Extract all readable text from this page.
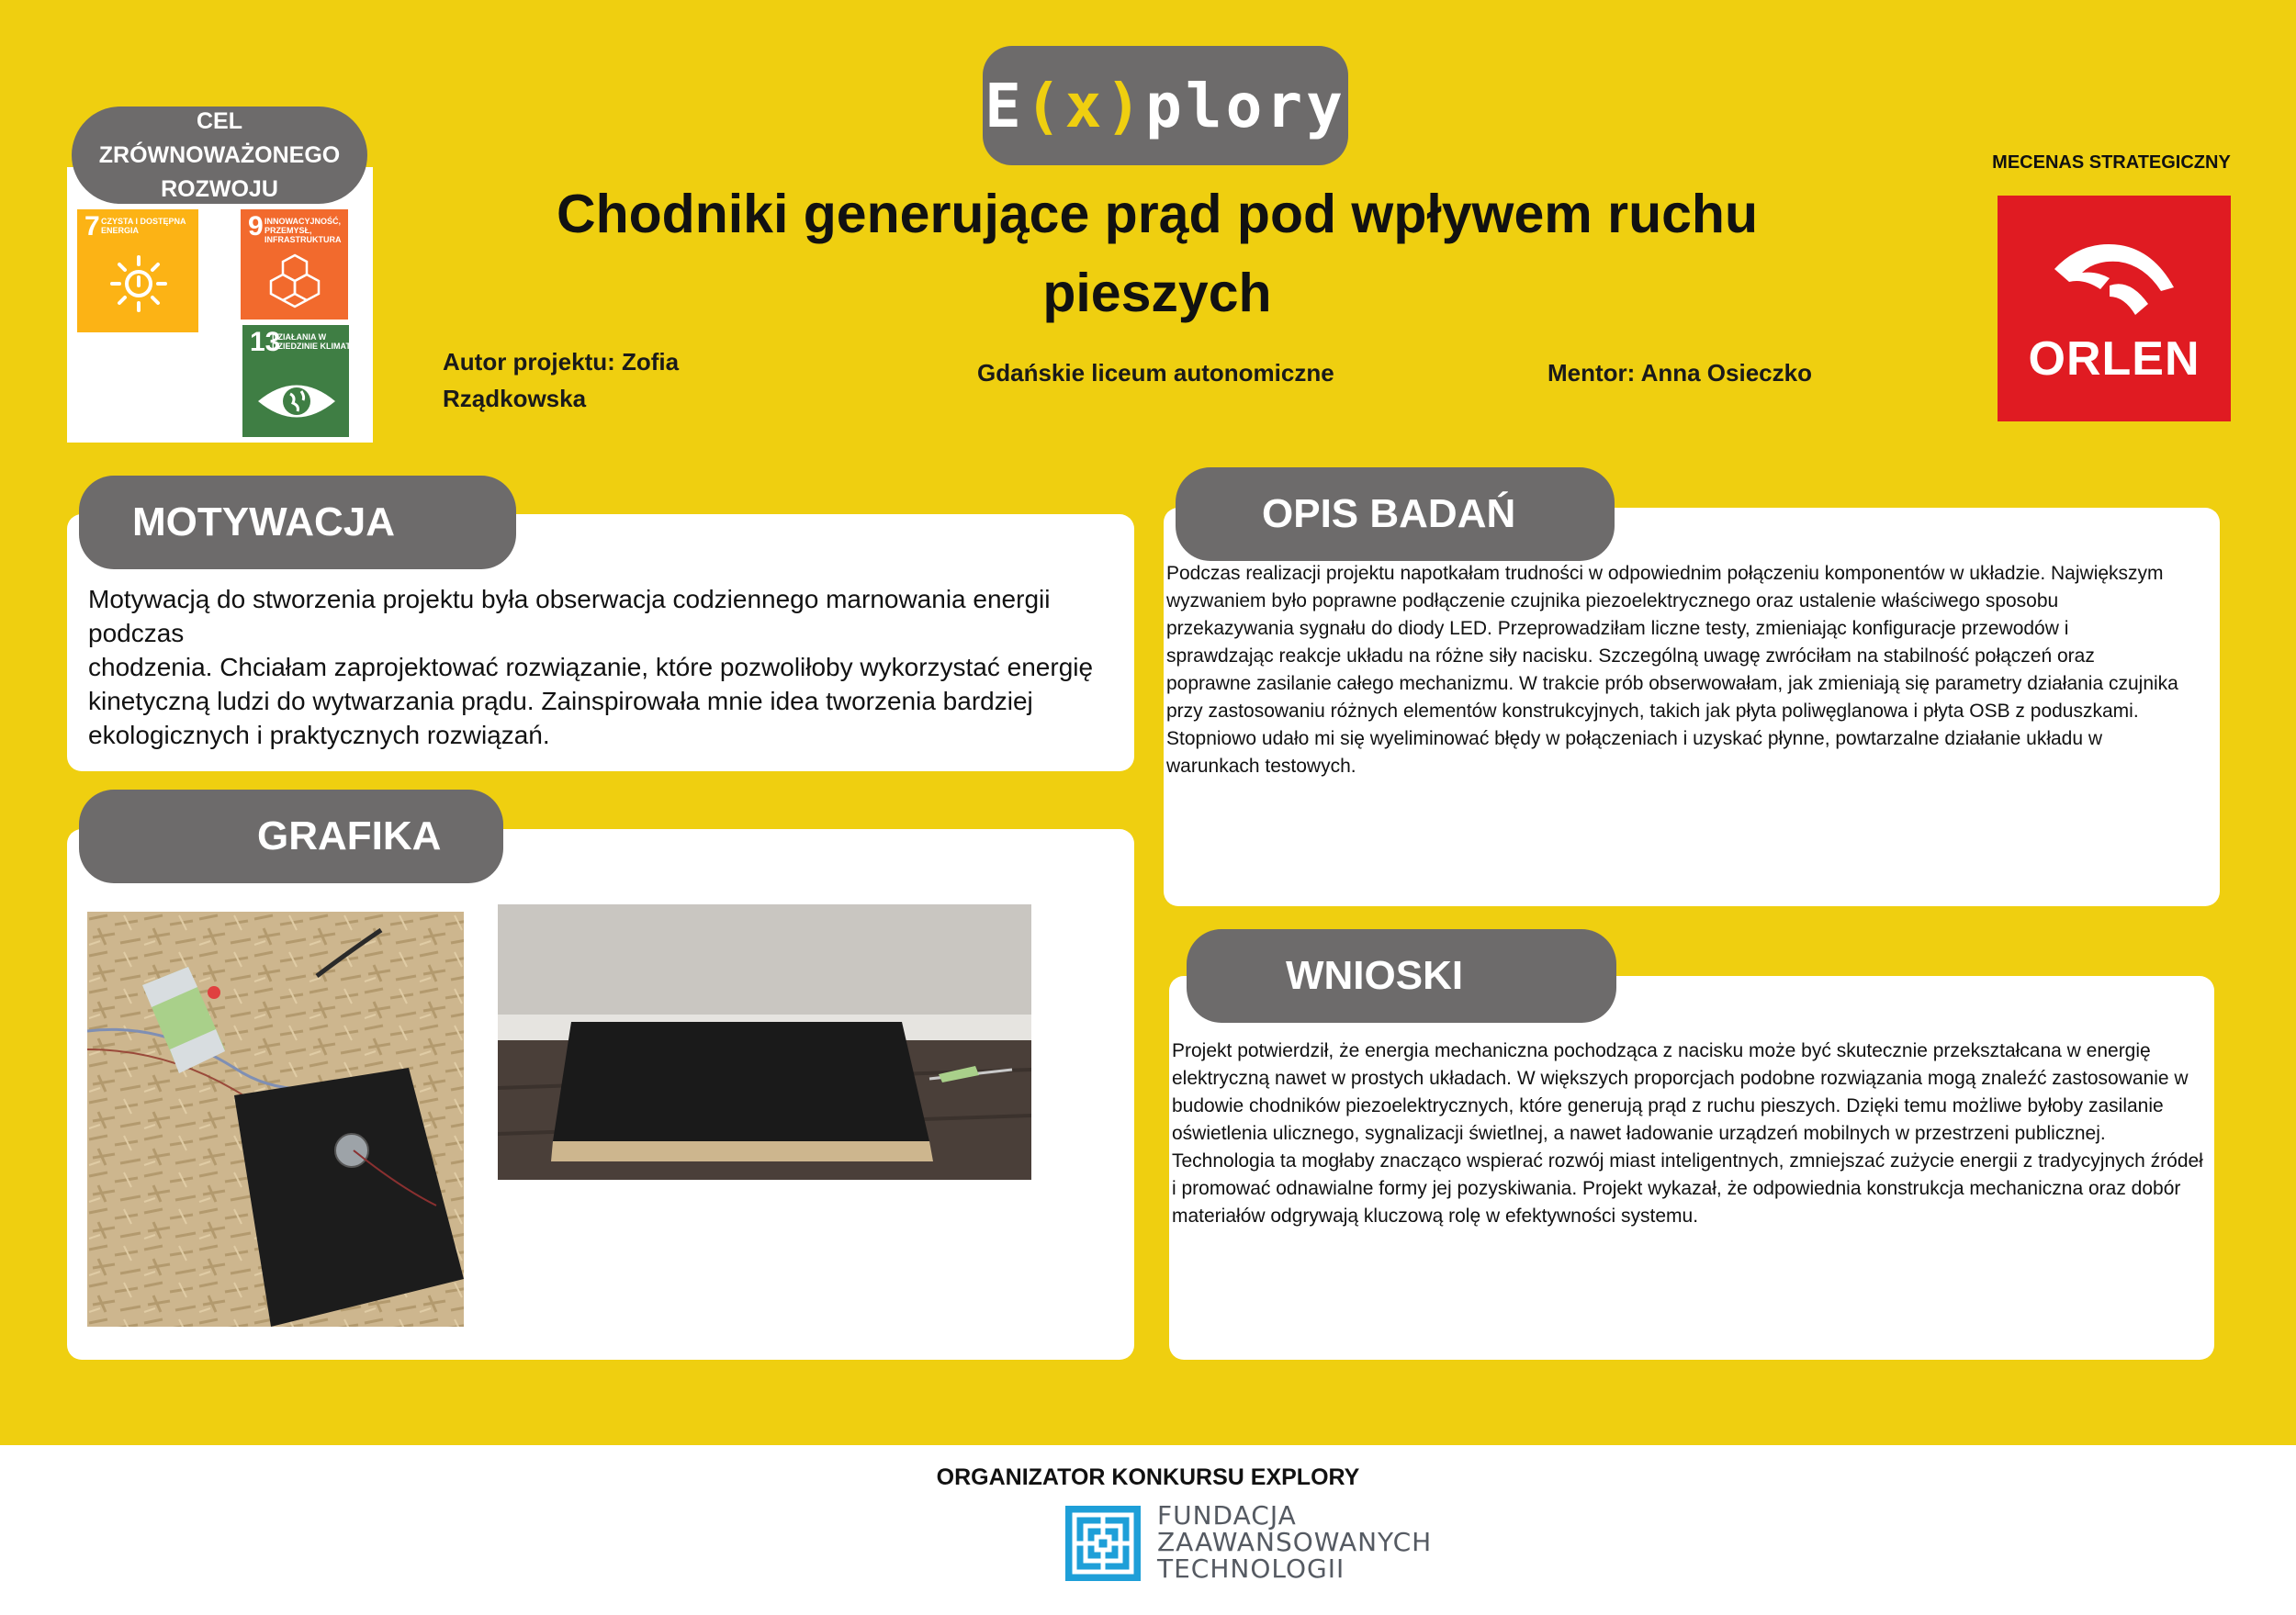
E(x)plory
CEL
ZRÓWNOWAŻONEGO
ROZWOJU
7 CZYSTA I DOSTĘPNA ENERGIA	9 INNOWACYJNOŚĆ, PRZEMYSŁ, INFRASTRUKTURA
13
DZIAŁANIA W DZIEDZINIE KLIMATU
Chodniki generujące prąd pod wpływem ruchu
pieszych
Autor projektu: Zofia
Rządkowska
Gdańskie liceum autonomiczne	Mentor: Anna Osieczko
MECENAS STRATEGICZNY
ORLEN
MOTYWACJA
Motywacją do stworzenia projektu była obserwacja codziennego marnowania energii podczas
chodzenia. Chciałam zaprojektować rozwiązanie, które pozwoliłoby wykorzystać energię
kinetyczną ludzi do wytwarzania prądu. Zainspirowała mnie idea tworzenia bardziej
ekologicznych i praktycznych rozwiązań.
GRAFIKA
OPIS BADAŃ
Podczas realizacji projektu napotkałam trudności w odpowiednim połączeniu komponentów w układzie. Największym
wyzwaniem było poprawne podłączenie czujnika piezoelektrycznego oraz ustalenie właściwego sposobu
przekazywania sygnału do diody LED. Przeprowadziłam liczne testy, zmieniając konfiguracje przewodów i
sprawdzając reakcje układu na różne siły nacisku. Szczególną uwagę zwróciłam na stabilność połączeń oraz
poprawne zasilanie całego mechanizmu. W trakcie prób obserwowałam, jak zmieniają się parametry działania czujnika
przy zastosowaniu różnych elementów konstrukcyjnych, takich jak płyta poliwęglanowa i płyta OSB z poduszkami.
Stopniowo udało mi się wyeliminować błędy w połączeniach i uzyskać płynne, powtarzalne działanie układu w
warunkach testowych.
WNIOSKI
Projekt potwierdził, że energia mechaniczna pochodząca z nacisku może być skutecznie przekształcana w energię
elektryczną nawet w prostych układach. W większych proporcjach podobne rozwiązania mogą znaleźć zastosowanie w
budowie chodników piezoelektrycznych, które generują prąd z ruchu pieszych. Dzięki temu możliwe byłoby zasilanie
oświetlenia ulicznego, sygnalizacji świetlnej, a nawet ładowanie urządzeń mobilnych w przestrzeni publicznej.
Technologia ta mogłaby znacząco wspierać rozwój miast inteligentnych, zmniejszać zużycie energii z tradycyjnych źródeł
i promować odnawialne formy jej pozyskiwania. Projekt wykazał, że odpowiednia konstrukcja mechaniczna oraz dobór
materiałów odgrywają kluczową rolę w efektywności systemu.
ORGANIZATOR KONKURSU EXPLORY
FUNDACJA
ZAAWANSOWANYCH
TECHNOLOGII
